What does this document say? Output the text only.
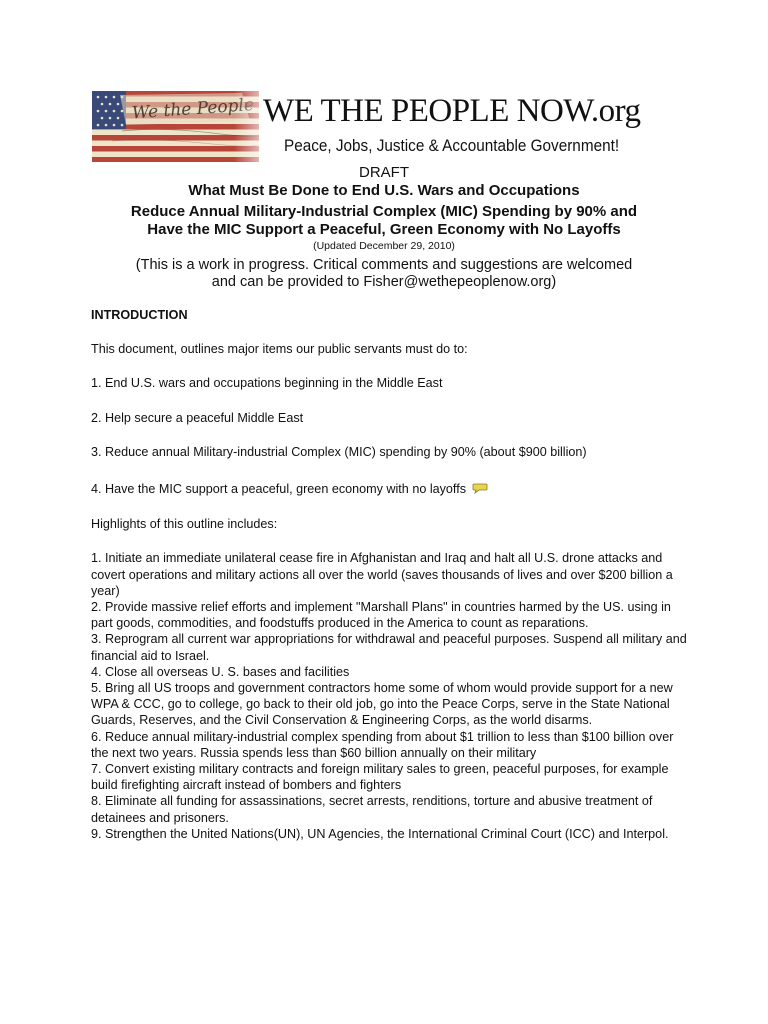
WE THE PEOPLE NOW.org
Peace, Jobs, Justice & Accountable Government!
DRAFT
What Must Be Done to End U.S. Wars and Occupations
Reduce Annual Military-Industrial Complex (MIC) Spending by 90% and
Have the MIC Support a Peaceful, Green Economy with No Layoffs
(Updated December 29, 2010)
(This is a work in progress. Critical comments and suggestions are welcomed
and can be provided to Fisher@wethepeoplenow.org)

INTRODUCTION

This document, outlines major items our public servants must do to:

1. End U.S. wars and occupations beginning in the Middle East

2. Help secure a peaceful Middle East

3. Reduce annual Military-industrial Complex (MIC) spending by 90% (about $900 billion)

4. Have the MIC support a peaceful, green economy with no layoffs

Highlights of this outline includes:

1. Initiate an immediate unilateral cease fire in Afghanistan and Iraq and halt all U.S. drone attacks and covert operations and military actions all over the world (saves thousands of lives and over $200 billion a year)

2. Provide massive relief efforts and implement "Marshall Plans" in countries harmed by the US. using in part goods, commodities, and foodstuffs produced in the America to count as reparations.

3. Reprogram all current war appropriations for withdrawal and peaceful purposes. Suspend all military and financial aid to Israel.

4. Close all overseas U. S. bases and facilities

5. Bring all US troops and government contractors home some of whom would provide support for a new WPA & CCC, go to college, go back to their old job, go into the Peace Corps, serve in the State National Guards, Reserves, and the Civil Conservation & Engineering Corps, as the world disarms.

6. Reduce annual military-industrial complex spending from about $1 trillion to less than $100 billion over the next two years. Russia spends less than $60 billion annually on their military

7. Convert existing military contracts and foreign military sales to green, peaceful purposes, for example build firefighting aircraft instead of bombers and fighters

8. Eliminate all funding for assassinations, secret arrests, renditions, torture and abusive treatment of detainees and prisoners.

9. Strengthen the United Nations(UN), UN Agencies, the International Criminal Court (ICC) and Interpol.
